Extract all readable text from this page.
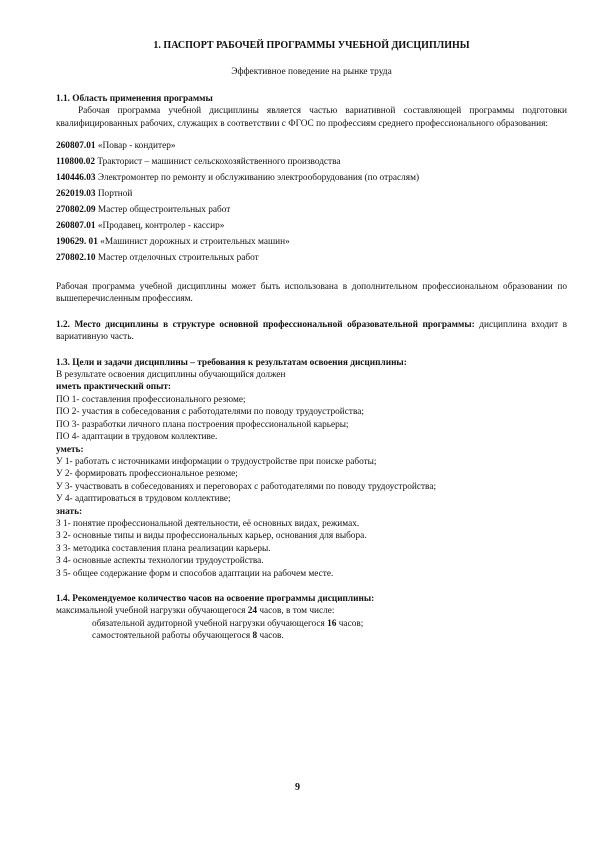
1. ПАСПОРТ РАБОЧЕЙ ПРОГРАММЫ УЧЕБНОЙ ДИСЦИПЛИНЫ

Эффективное поведение на рынке труда

1.1. Область применения программы

Рабочая программа учебной дисциплины является частью вариативной составляющей программы подготовки квалифицированных рабочих, служащих в соответствии с ФГОС по профессиям среднего профессионального образования:

260807.01 «Повар - кондитер»

110800.02 Тракторист – машинист сельскохозяйственного производства

140446.03 Электромонтер по ремонту и обслуживанию электрооборудования (по отраслям)

262019.03 Портной

270802.09 Мастер общестроительных работ

260807.01 «Продавец, контролер - кассир»

190629. 01 «Машинист дорожных и строительных машин»

270802.10 Мастер отделочных строительных работ

Рабочая программа учебной дисциплины может быть использована в дополнительном профессиональном образовании по вышеперечисленным профессиям.

1.2. Место дисциплины в структуре основной профессиональной образовательной программы: дисциплина входит в вариативную часть.

1.3. Цели и задачи дисциплины – требования к результатам освоения дисциплины:

В результате освоения дисциплины обучающийся должен

иметь практический опыт:

ПО 1- составления профессионального резюме;

ПО 2- участия в собеседования с работодателями по поводу трудоустройства;

ПО 3- разработки личного плана построения профессиональной карьеры;

ПО 4- адаптации в трудовом коллективе.

уметь:

У 1- работать с источниками информации о трудоустройстве при поиске работы;

У 2- формировать профессиональное резюме;

У 3- участвовать в собеседованиях и переговорах с работодателями по поводу трудоустройства;

У 4- адаптироваться в трудовом коллективе;

знать:

З 1- понятие профессиональной деятельности, её основных видах, режимах.

З 2- основные типы и виды профессиональных карьер, основания для выбора.

З 3- методика составления плана реализации карьеры.

З 4- основные аспекты технологии трудоустройства.

З 5- общее содержание форм и способов адаптации на рабочем месте.

1.4. Рекомендуемое количество часов на освоение программы дисциплины:

максимальной учебной нагрузки обучающегося 24 часов, в том числе:

обязательной аудиторной учебной нагрузки обучающегося 16 часов;

самостоятельной работы обучающегося 8 часов.

9
